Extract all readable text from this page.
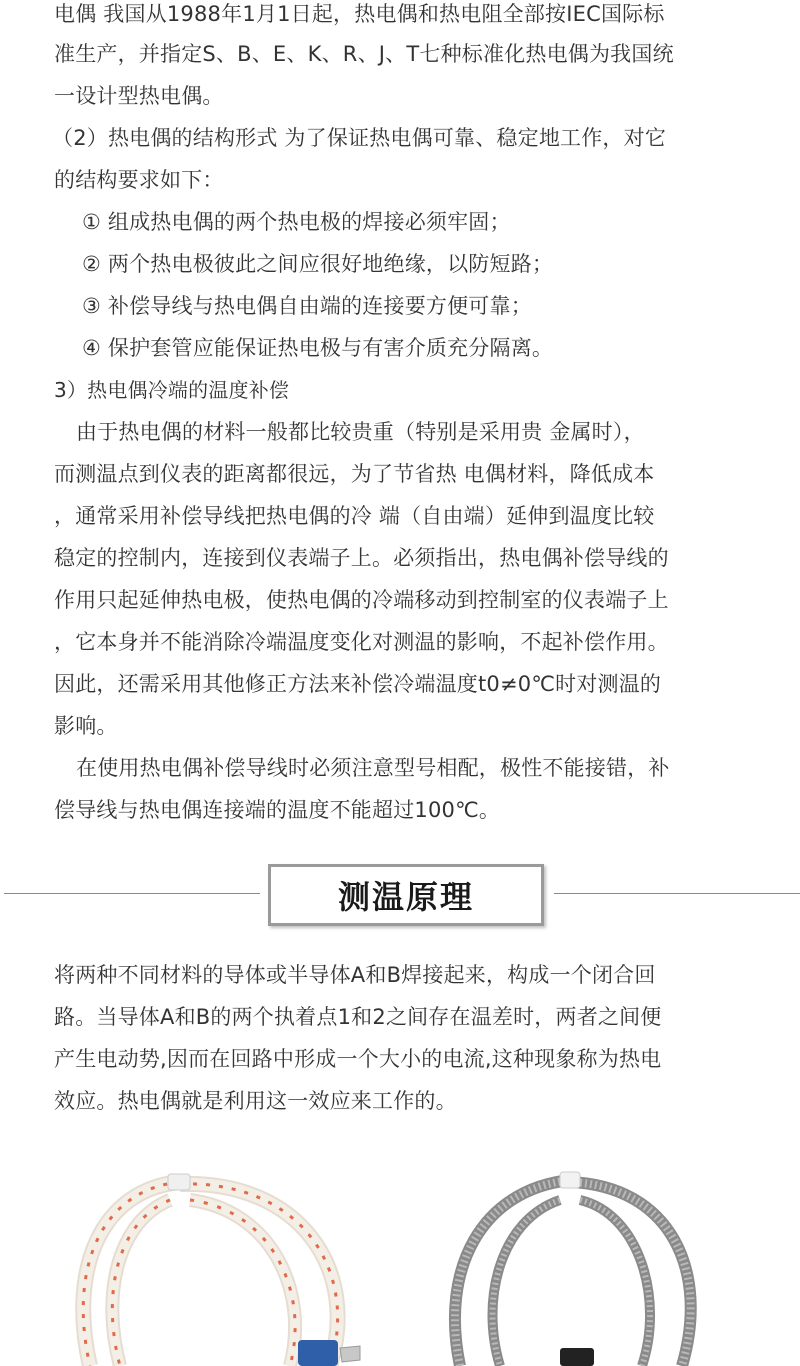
电偶 我国从1988年1月1日起，热电偶和热电阻全部按IEC国际标
准生产，并指定S、B、E、K、R、J、T七种标准化热电偶为我国统
一设计型热电偶。
（2）热电偶的结构形式 为了保证热电偶可靠、稳定地工作，对它
的结构要求如下：
① 组成热电偶的两个热电极的焊接必须牢固；
② 两个热电极彼此之间应很好地绝缘，以防短路；
③ 补偿导线与热电偶自由端的连接要方便可靠；
④ 保护套管应能保证热电极与有害介质充分隔离。
3）热电偶冷端的温度补偿
由于热电偶的材料一般都比较贵重（特别是采用贵 金属时），
而测温点到仪表的距离都很远，为了节省热 电偶材料，降低成本
，通常采用补偿导线把热电偶的冷 端（自由端）延伸到温度比较
稳定的控制内，连接到仪表端子上。必须指出，热电偶补偿导线的
作用只起延伸热电极，使热电偶的冷端移动到控制室的仪表端子上
，它本身并不能消除冷端温度变化对测温的影响，不起补偿作用。
因此，还需采用其他修正方法来补偿冷端温度t0≠0℃时对测温的
影响。
在使用热电偶补偿导线时必须注意型号相配，极性不能接错，补
偿导线与热电偶连接端的温度不能超过100℃。
测温原理
将两种不同材料的导体或半导体A和B焊接起来，构成一个闭合回
路。当导体A和B的两个执着点1和2之间存在温差时，两者之间便
产生电动势,因而在回路中形成一个大小的电流,这种现象称为热电
效应。热电偶就是利用这一效应来工作的。
